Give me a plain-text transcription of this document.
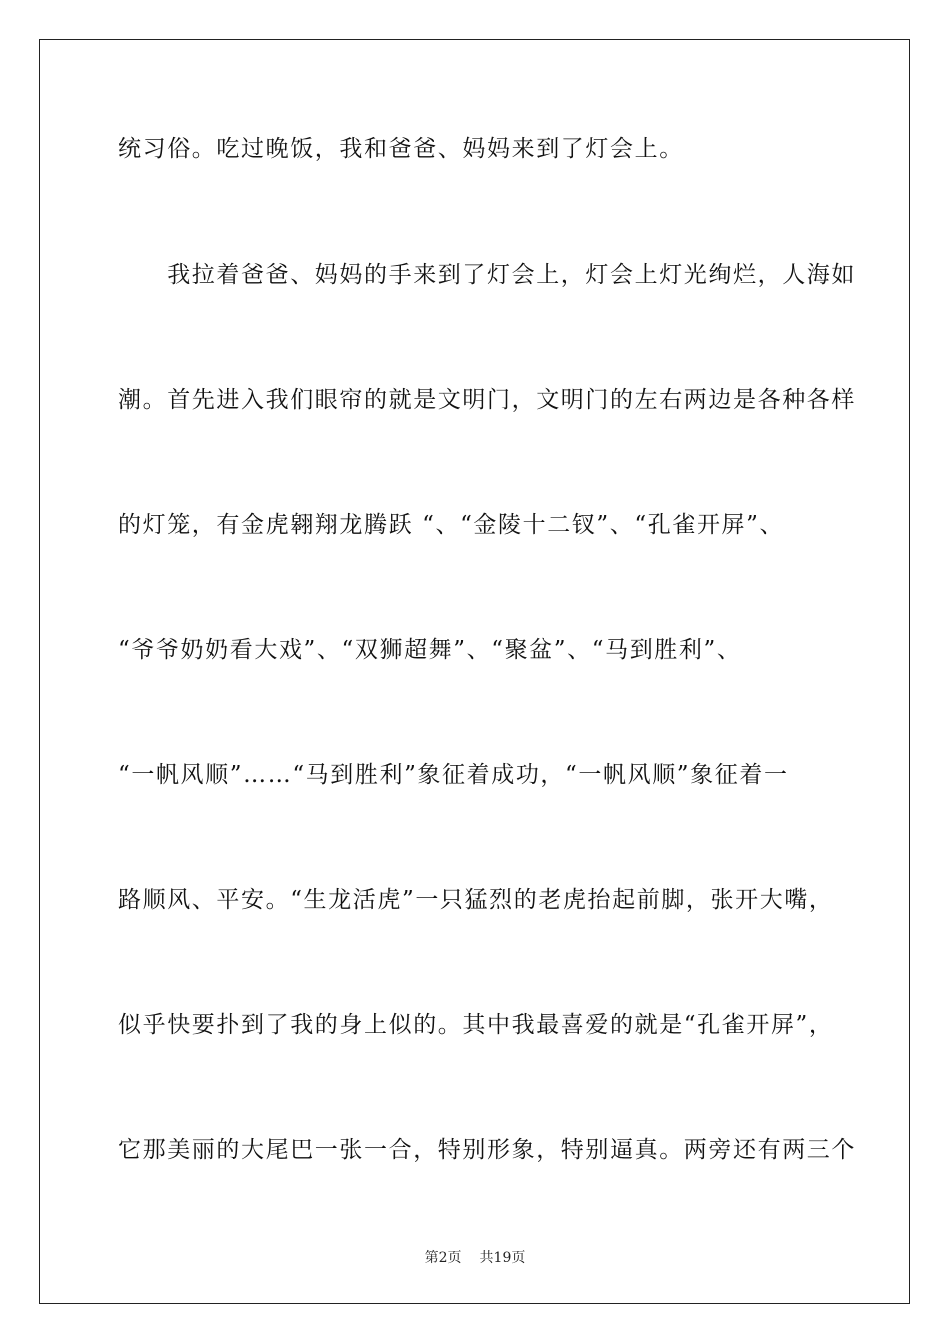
统习俗。吃过晚饭，我和爸爸、妈妈来到了灯会上。
　　我拉着爸爸、妈妈的手来到了灯会上，灯会上灯光绚烂，人海如
潮。首先进入我们眼帘的就是文明门，文明门的左右两边是各种各样
的灯笼，有金虎翱翔龙腾跃 “、“金陵十二钗”、“孔雀开屏”、
“爷爷奶奶看大戏”、“双狮超舞”、“聚盆”、“马到胜利”、
“一帆风顺”……“马到胜利”象征着成功，“一帆风顺”象征着一
路顺风、平安。“生龙活虎”一只猛烈的老虎抬起前脚，张开大嘴，
似乎快要扑到了我的身上似的。其中我最喜爱的就是“孔雀开屏”，
它那美丽的大尾巴一张一合，特别形象，特别逼真。两旁还有两三个
第2页 共19页
